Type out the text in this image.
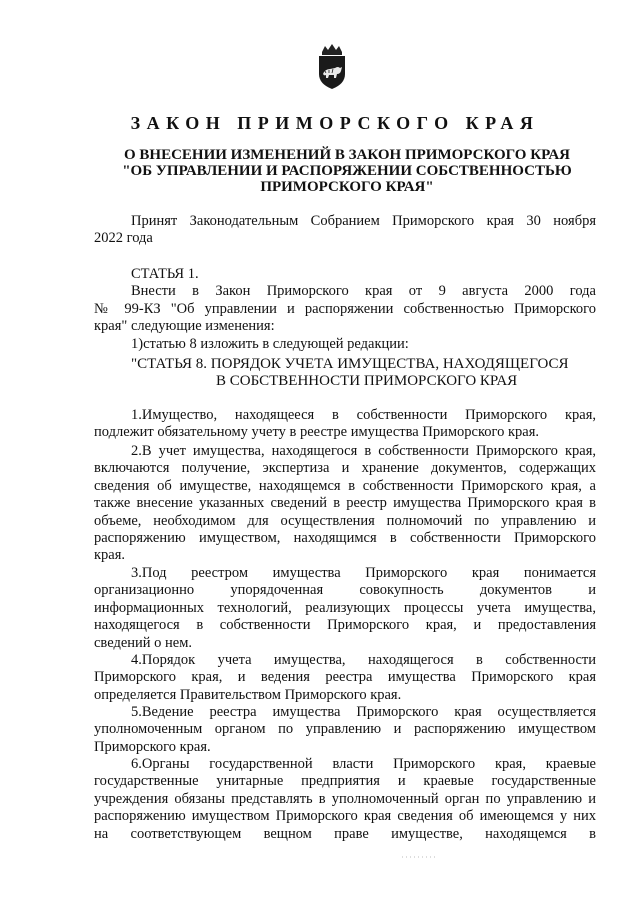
ЗАКОН ПРИМОРСКОГО КРАЯ
О ВНЕСЕНИИ ИЗМЕНЕНИЙ В ЗАКОН ПРИМОРСКОГО КРАЯ
"ОБ УПРАВЛЕНИИ И РАСПОРЯЖЕНИИ СОБСТВЕННОСТЬЮ
ПРИМОРСКОГО КРАЯ"
Принят Законодательным Собранием Приморского края 30 ноября
2022 года
СТАТЬЯ 1.
Внести в Закон Приморского края от 9 августа 2000 года
№ 99-КЗ "Об управлении и распоряжении собственностью Приморского
края" следующие изменения:
1)статью 8 изложить в следующей редакции:
"СТАТЬЯ 8. ПОРЯДОК УЧЕТА ИМУЩЕСТВА, НАХОДЯЩЕГОСЯ
В СОБСТВЕННОСТИ ПРИМОРСКОГО КРАЯ
1.Имущество, находящееся в собственности Приморского края,
подлежит обязательному учету в реестре имущества Приморского края.
2.В учет имущества, находящегося в собственности Приморского края,
включаются получение, экспертиза и хранение документов, содержащих
сведения об имуществе, находящемся в собственности Приморского края, а
также внесение указанных сведений в реестр имущества Приморского края в
объеме, необходимом для осуществления полномочий по управлению и
распоряжению имуществом, находящимся в собственности Приморского
края.
3.Под реестром имущества Приморского края понимается
организационно упорядоченная совокупность документов и
информационных технологий, реализующих процессы учета имущества,
находящегося в собственности Приморского края, и предоставления
сведений о нем.
4.Порядок учета имущества, находящегося в собственности
Приморского края, и ведения реестра имущества Приморского края
определяется Правительством Приморского края.
5.Ведение реестра имущества Приморского края осуществляется
уполномоченным органом по управлению и распоряжению имуществом
Приморского края.
6.Органы государственной власти Приморского края, краевые
государственные унитарные предприятия и краевые государственные
учреждения обязаны представлять в уполномоченный орган по управлению и
распоряжению имуществом Приморского края сведения об имеющемся у них
на соответствующем вещном праве имуществе, находящемся в
